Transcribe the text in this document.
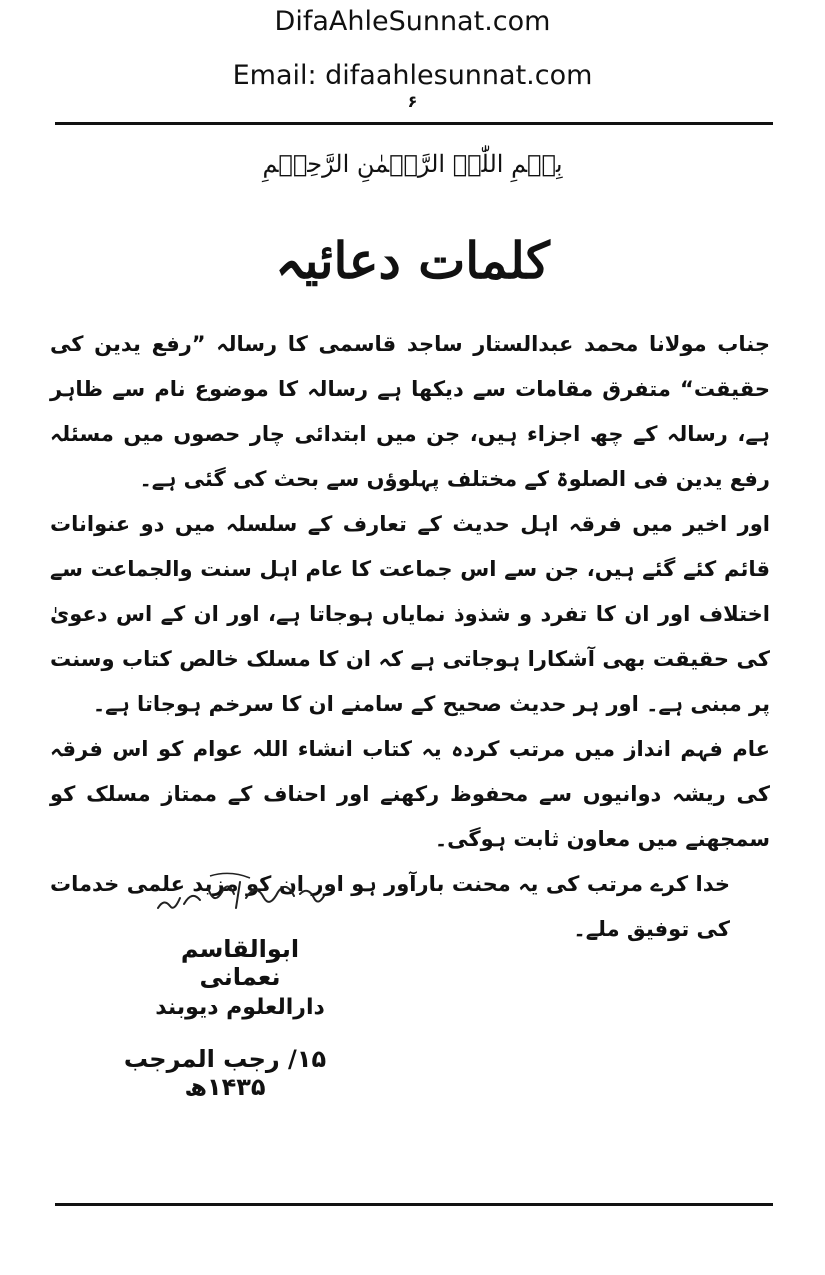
DifaAhleSunnat.com
Email: difaahlesunnat.com
۶
بِسۡمِ اللّٰہِ الرَّحۡمٰنِ الرَّحِیۡمِ
کلمات دعائیہ

جناب مولانا محمد عبدالستار ساجد قاسمی کا رسالہ ”رفع یدین کی حقیقت“ متفرق مقامات سے دیکھا ہے رسالہ کا موضوع نام سے ظاہر ہے، رسالہ کے چھ اجزاء ہیں، جن میں ابتدائی چار حصوں میں مسئلہ رفع یدین فی الصلوۃ کے مختلف پہلوؤں سے بحث کی گئی ہے۔

اور اخیر میں فرقہ اہل حدیث کے تعارف کے سلسلہ میں دو عنوانات قائم کئے گئے ہیں، جن سے اس جماعت کا عام اہل سنت والجماعت سے اختلاف اور ان کا تفرد و شذوذ نمایاں ہوجاتا ہے، اور ان کے اس دعویٰ کی حقیقت بھی آشکارا ہوجاتی ہے کہ ان کا مسلک خالص کتاب وسنت پر مبنی ہے۔ اور ہر حدیث صحیح کے سامنے ان کا سرخم ہوجاتا ہے۔

عام فہم انداز میں مرتب کردہ یہ کتاب انشاء اللہ عوام کو اس فرقہ کی ریشہ دوانیوں سے محفوظ رکھنے اور احناف کے ممتاز مسلک کو سمجھنے میں معاون ثابت ہوگی۔

خدا کرے مرتب کی یہ محنت بارآور ہو اور ان کو مزید علمی خدمات کی توفیق ملے۔

ابوالقاسم نعمانی
دارالعلوم دیوبند
۱۵/ رجب المرجب ۱۴۳۵ھ
